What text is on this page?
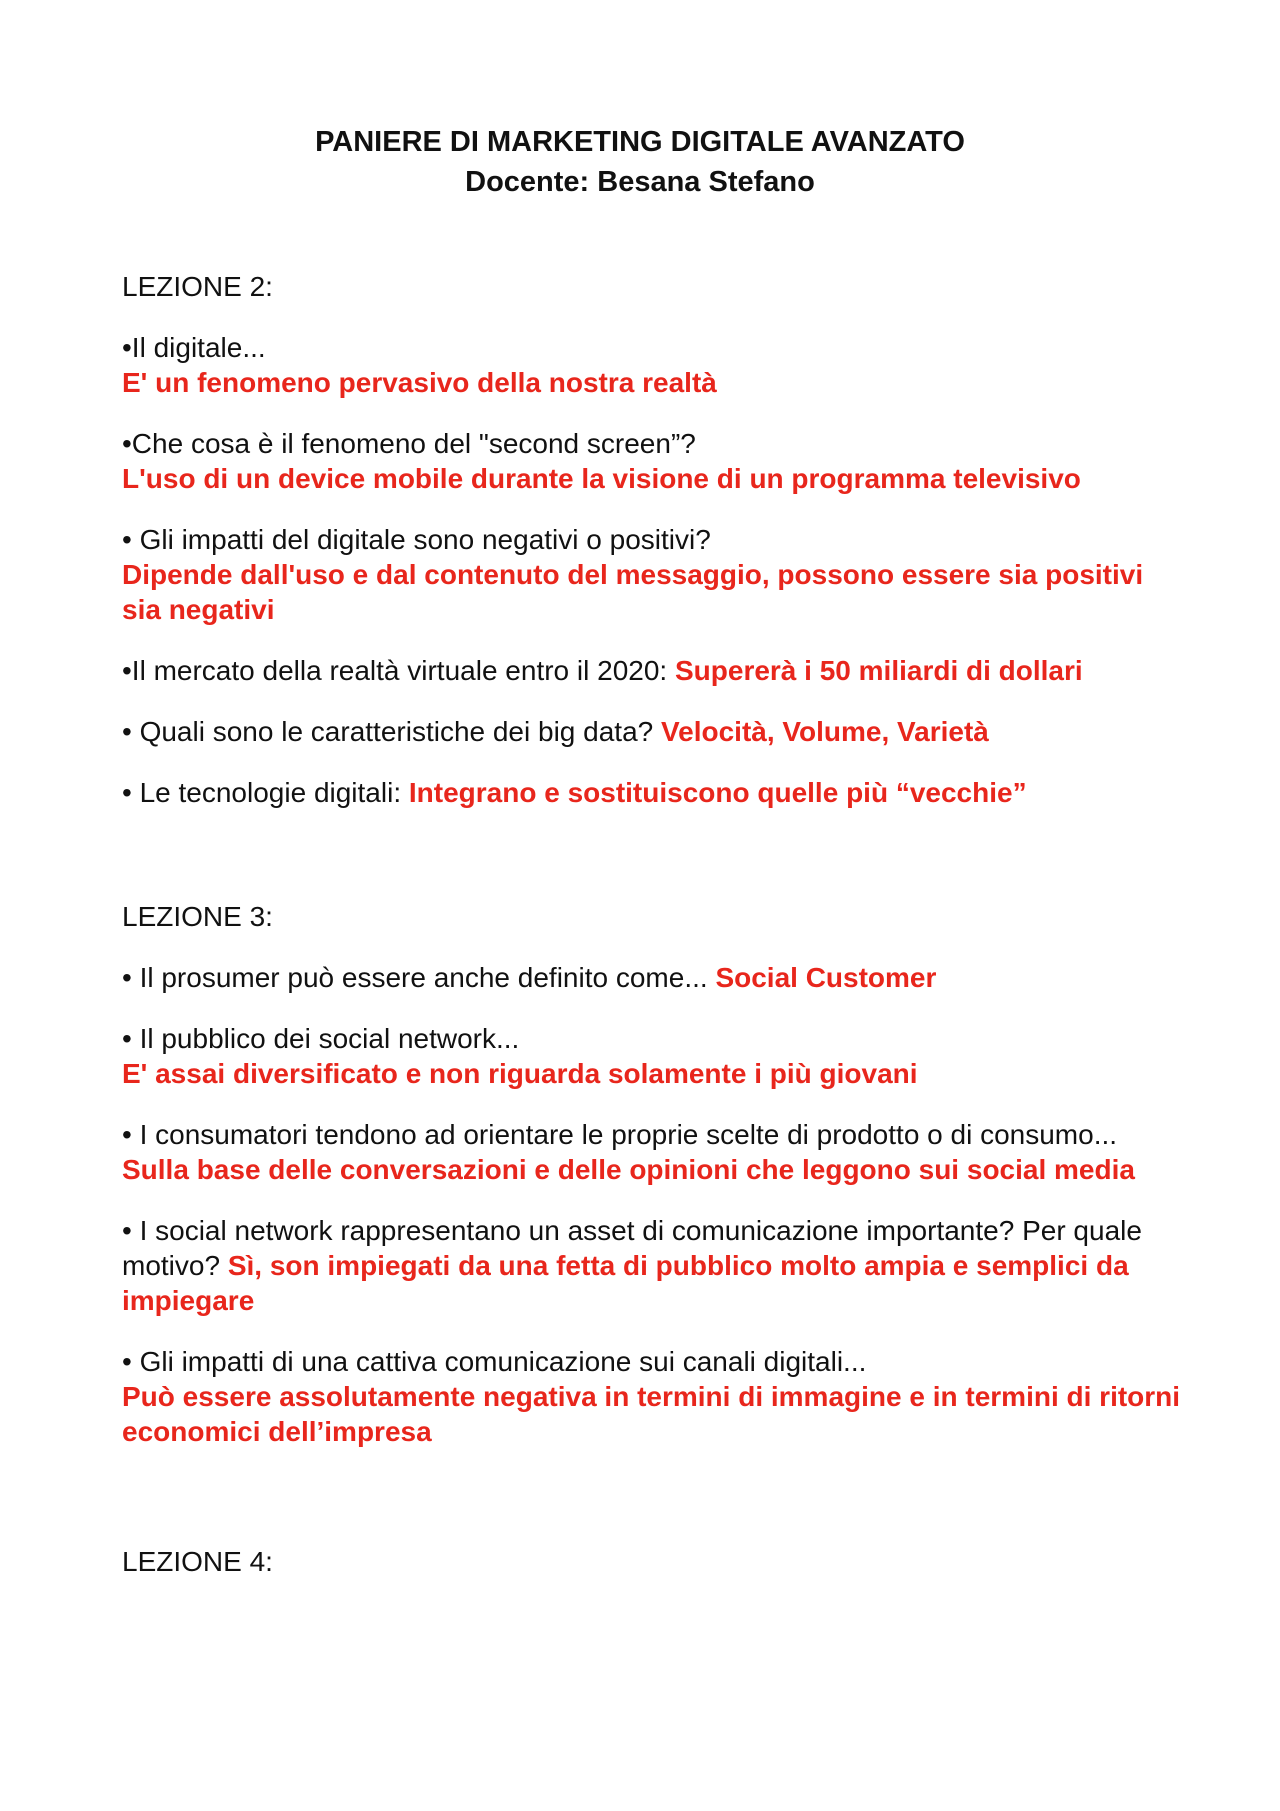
PANIERE DI MARKETING DIGITALE AVANZATO
Docente: Besana Stefano

LEZIONE 2:

•Il digitale...
E' un fenomeno pervasivo della nostra realtà
•Che cosa è il fenomeno del "second screen”?
L'uso di un device mobile durante la visione di un programma televisivo
• Gli impatti del digitale sono negativi o positivi?
Dipende dall'uso e dal contenuto del messaggio, possono essere sia positivi sia negativi
•Il mercato della realtà virtuale entro il 2020: Supererà i 50 miliardi di dollari
• Quali sono le caratteristiche dei big data? Velocità, Volume, Varietà
• Le tecnologie digitali: Integrano e sostituiscono quelle più “vecchie”

LEZIONE 3:

• Il prosumer può essere anche definito come... Social Customer
• Il pubblico dei social network...
E' assai diversificato e non riguarda solamente i più giovani
• I consumatori tendono ad orientare le proprie scelte di prodotto o di consumo... Sulla base delle conversazioni e delle opinioni che leggono sui social media
• I social network rappresentano un asset di comunicazione importante? Per quale motivo? Sì, son impiegati da una fetta di pubblico molto ampia e semplici da impiegare
• Gli impatti di una cattiva comunicazione sui canali digitali...
Può essere assolutamente negativa in termini di immagine e in termini di ritorni economici dell’impresa

LEZIONE 4:
